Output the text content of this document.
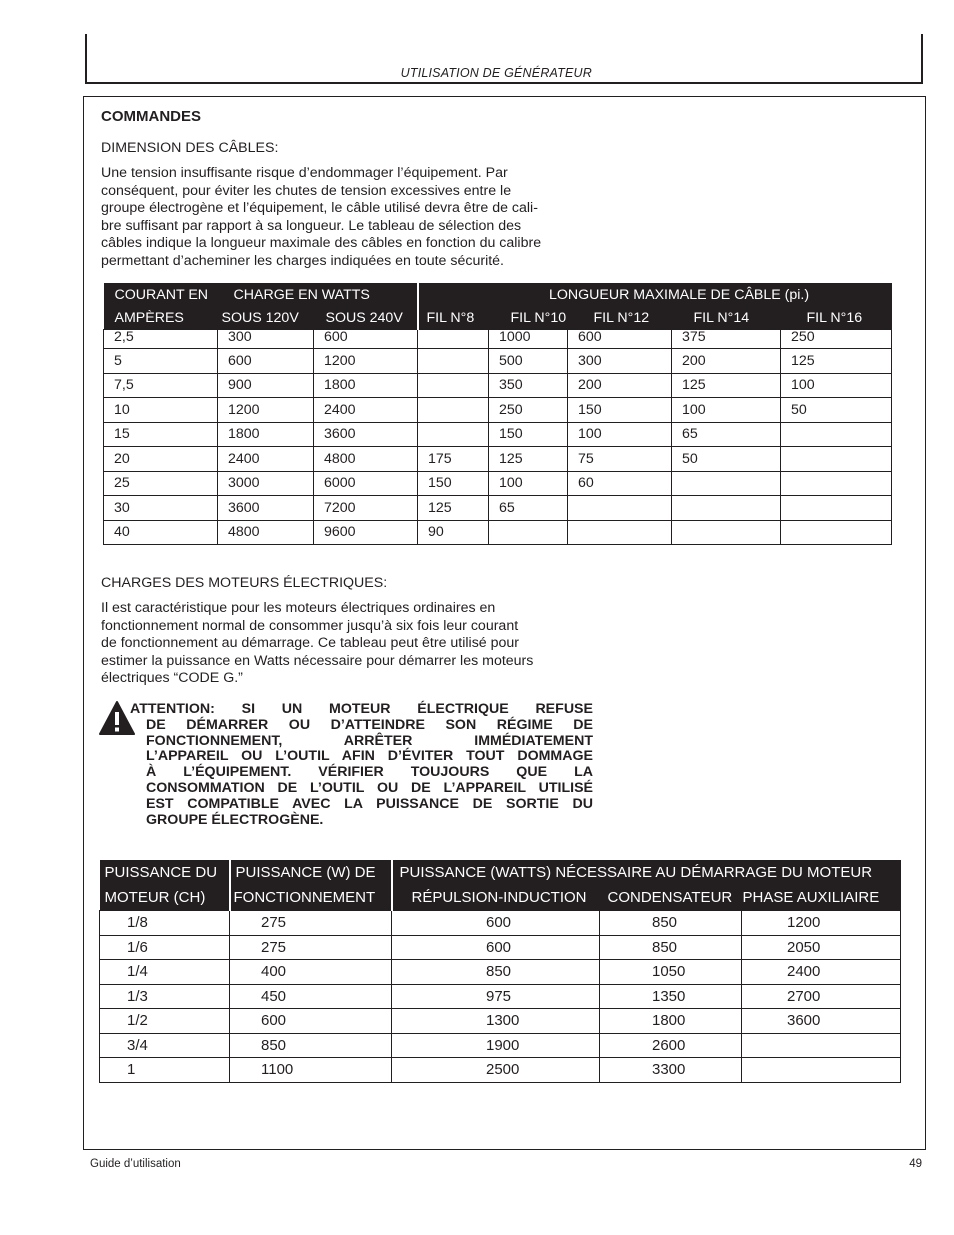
UTILISATION DE GÉNÉRATEUR
COMMANDES
DIMENSION DES CÂBLES:
Une tension insuffisante risque d’endommager l’équipement. Par
conséquent, pour éviter les chutes de tension excessives entre le
groupe électrogène et l’équipement, le câble utilisé devra être de cali-
bre suffisant par rapport à sa longueur. Le tableau de sélection des
câbles indique la longueur maximale des câbles en fonction du calibre
permettant d’acheminer les charges indiquées en toute sécurité.
COURANT EN	CHARGE EN WATTS		LONGUEUR MAXIMALE DE CÂBLE (pi.)				
AMPÈRES	SOUS 120V	SOUS 240V	FIL N°8	FIL N°10	FIL N°12	FIL N°14	FIL N°16
2,5	300	600		1000	600	375	250
5	600	1200		500	300	200	125
7,5	900	1800		350	200	125	100
10	1200	2400		250	150	100	50
15	1800	3600		150	100	65	
20	2400	4800	175	125	75	50	
25	3000	6000	150	100	60		
30	3600	7200	125	65			
40	4800	9600	90				
CHARGES DES MOTEURS ÉLECTRIQUES:
Il est caractéristique pour les moteurs électriques ordinaires en
fonctionnement normal de consommer jusqu’à six fois leur courant
de fonctionnement au démarrage. Ce tableau peut être utilisé pour
estimer la puissance en Watts nécessaire pour démarrer les moteurs
électriques “CODE G.”
ATTENTION: SI UN MOTEUR ÉLECTRIQUE REFUSE
DE DÉMARRER OU D’ATTEINDRE SON RÉGIME DE
FONCTIONNEMENT, ARRÊTER IMMÉDIATEMENT
L’APPAREIL OU L’OUTIL AFIN D’ÉVITER TOUT DOMMAGE
À L’ÉQUIPEMENT. VÉRIFIER TOUJOURS QUE LA
CONSOMMATION DE L’OUTIL OU DE L’APPAREIL UTILISÉ
EST COMPATIBLE AVEC LA PUISSANCE DE SORTIE DU
GROUPE ÉLECTROGÈNE.
PUISSANCE DU	PUISSANCE (W) DE	PUISSANCE (WATTS) NÉCESSAIRE AU DÉMARRAGE DU MOTEUR		
MOTEUR (CH)	FONCTIONNEMENT	RÉPULSION-INDUCTION	CONDENSATEUR	PHASE AUXILIAIRE
1/8	275	600	850	1200
1/6	275	600	850	2050
1/4	400	850	1050	2400
1/3	450	975	1350	2700
1/2	600	1300	1800	3600
3/4	850	1900	2600	
1	1100	2500	3300	
Guide d’utilisation	49
